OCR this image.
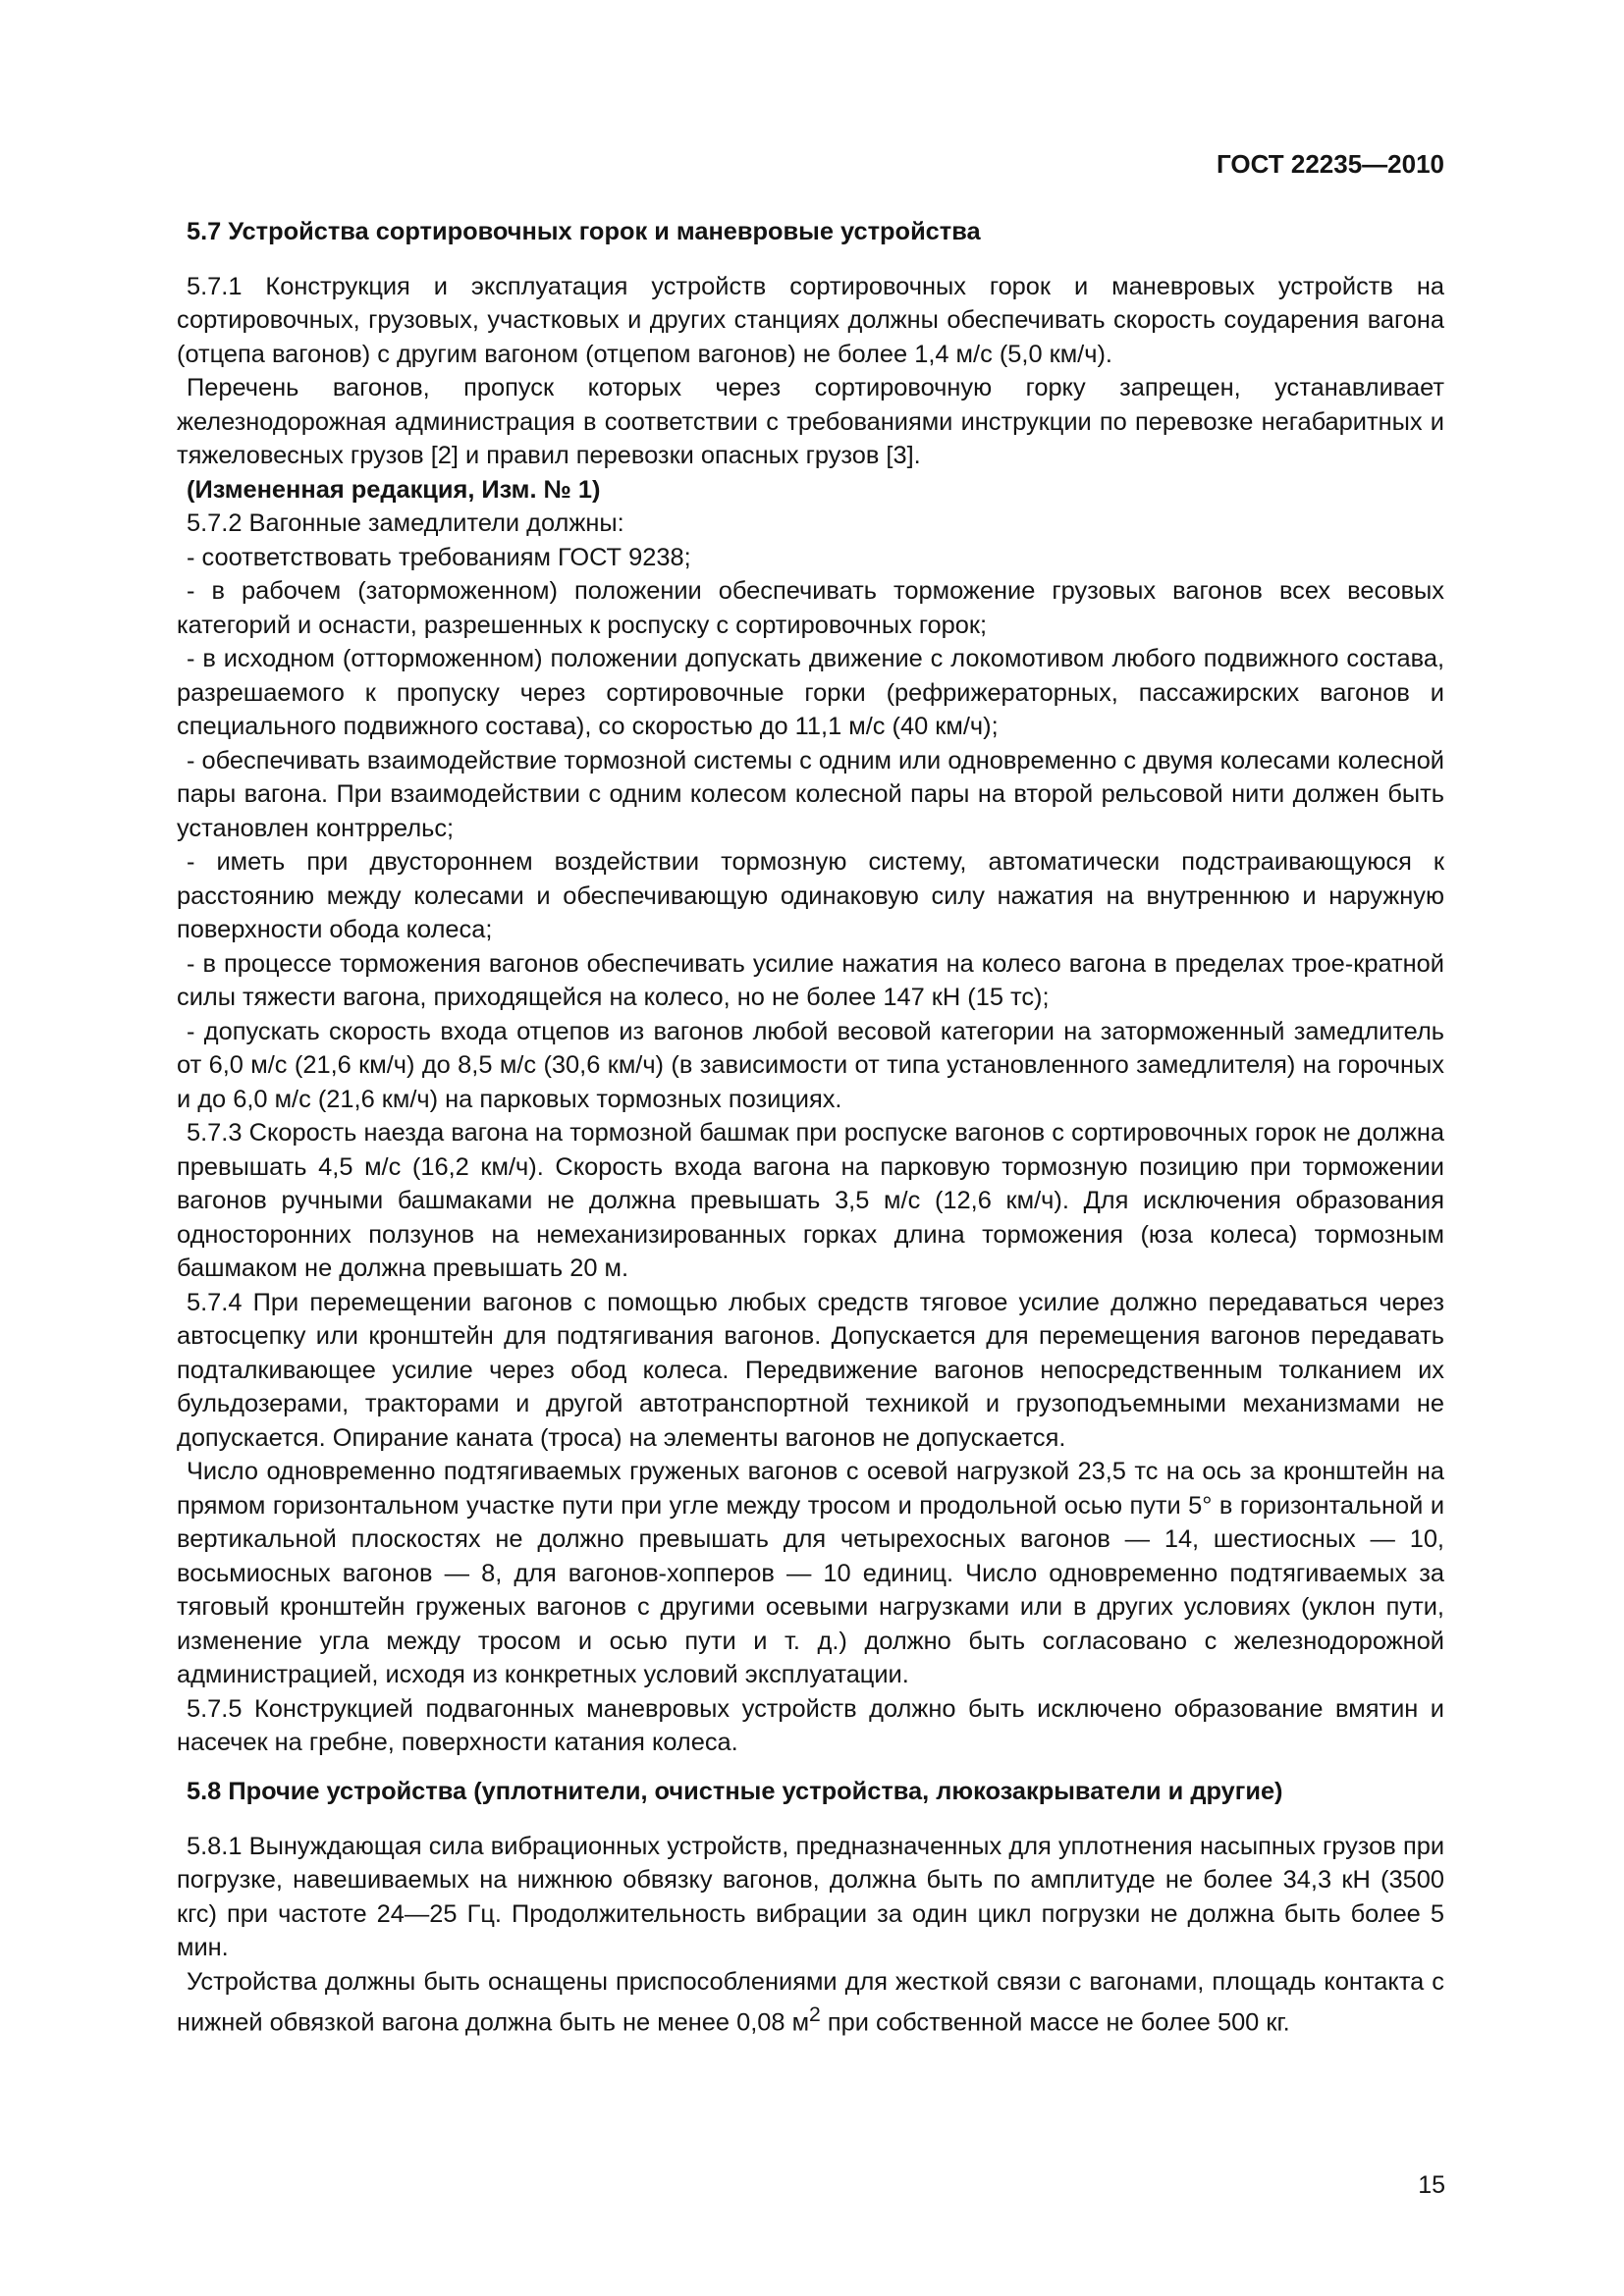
ГОСТ 22235—2010
5.7 Устройства сортировочных горок и маневровые устройства

5.7.1 Конструкция и эксплуатация устройств сортировочных горок и маневровых устройств на сортировочных, грузовых, участковых и других станциях должны обеспечивать скорость соударения вагона (отцепа вагонов) с другим вагоном (отцепом вагонов) не более 1,4 м/с (5,0 км/ч).

Перечень вагонов, пропуск которых через сортировочную горку запрещен, устанавливает железнодорожная администрация в соответствии с требованиями инструкции по перевозке негабаритных и тяжеловесных грузов [2] и правил перевозки опасных грузов [3].

(Измененная редакция, Изм. № 1)

5.7.2 Вагонные замедлители должны:

- соответствовать требованиям ГОСТ 9238;

- в рабочем (заторможенном) положении обеспечивать торможение грузовых вагонов всех весовых категорий и оснасти, разрешенных к роспуску с сортировочных горок;

- в исходном (отторможенном) положении допускать движение с локомотивом любого подвижного состава, разрешаемого к пропуску через сортировочные горки (рефрижераторных, пассажирских вагонов и специального подвижного состава), со скоростью до 11,1 м/с (40 км/ч);

- обеспечивать взаимодействие тормозной системы с одним или одновременно с двумя колесами колесной пары вагона. При взаимодействии с одним колесом колесной пары на второй рельсовой нити должен быть установлен контррельс;

- иметь при двустороннем воздействии тормозную систему, автоматически подстраивающуюся к расстоянию между колесами и обеспечивающую одинаковую силу нажатия на внутреннюю и наружную поверхности обода колеса;

- в процессе торможения вагонов обеспечивать усилие нажатия на колесо вагона в пределах трое-кратной силы тяжести вагона, приходящейся на колесо, но не более 147 кН (15 тс);

- допускать скорость входа отцепов из вагонов любой весовой категории на заторможенный замедлитель от 6,0 м/с (21,6 км/ч) до 8,5 м/с (30,6 км/ч) (в зависимости от типа установленного замедлителя) на горочных и до 6,0 м/с (21,6 км/ч) на парковых тормозных позициях.

5.7.3 Скорость наезда вагона на тормозной башмак при роспуске вагонов с сортировочных горок не должна превышать 4,5 м/с (16,2 км/ч). Скорость входа вагона на парковую тормозную позицию при торможении вагонов ручными башмаками не должна превышать 3,5 м/с (12,6 км/ч). Для исключения образования односторонних ползунов на немеханизированных горках длина торможения (юза колеса) тормозным башмаком не должна превышать 20 м.

5.7.4 При перемещении вагонов с помощью любых средств тяговое усилие должно передаваться через автосцепку или кронштейн для подтягивания вагонов. Допускается для перемещения вагонов передавать подталкивающее усилие через обод колеса. Передвижение вагонов непосредственным толканием их бульдозерами, тракторами и другой автотранспортной техникой и грузоподъемными механизмами не допускается. Опирание каната (троса) на элементы вагонов не допускается.

Число одновременно подтягиваемых груженых вагонов с осевой нагрузкой 23,5 тс на ось за кронштейн на прямом горизонтальном участке пути при угле между тросом и продольной осью пути 5° в горизонтальной и вертикальной плоскостях не должно превышать для четырехосных вагонов — 14, шестиосных — 10, восьмиосных вагонов — 8, для вагонов-хопперов — 10 единиц. Число одновременно подтягиваемых за тяговый кронштейн груженых вагонов с другими осевыми нагрузками или в других условиях (уклон пути, изменение угла между тросом и осью пути и т. д.) должно быть согласовано с железнодорожной администрацией, исходя из конкретных условий эксплуатации.

5.7.5 Конструкцией подвагонных маневровых устройств должно быть исключено образование вмятин и насечек на гребне, поверхности катания колеса.

5.8 Прочие устройства (уплотнители, очистные устройства, люкозакрыватели и другие)

5.8.1 Вынуждающая сила вибрационных устройств, предназначенных для уплотнения насыпных грузов при погрузке, навешиваемых на нижнюю обвязку вагонов, должна быть по амплитуде не более 34,3 кН (3500 кгс) при частоте 24—25 Гц. Продолжительность вибрации за один цикл погрузки не должна быть более 5 мин.

Устройства должны быть оснащены приспособлениями для жесткой связи с вагонами, площадь контакта с нижней обвязкой вагона должна быть не менее 0,08 $м^2$ при собственной массе не более 500 кг.

15
